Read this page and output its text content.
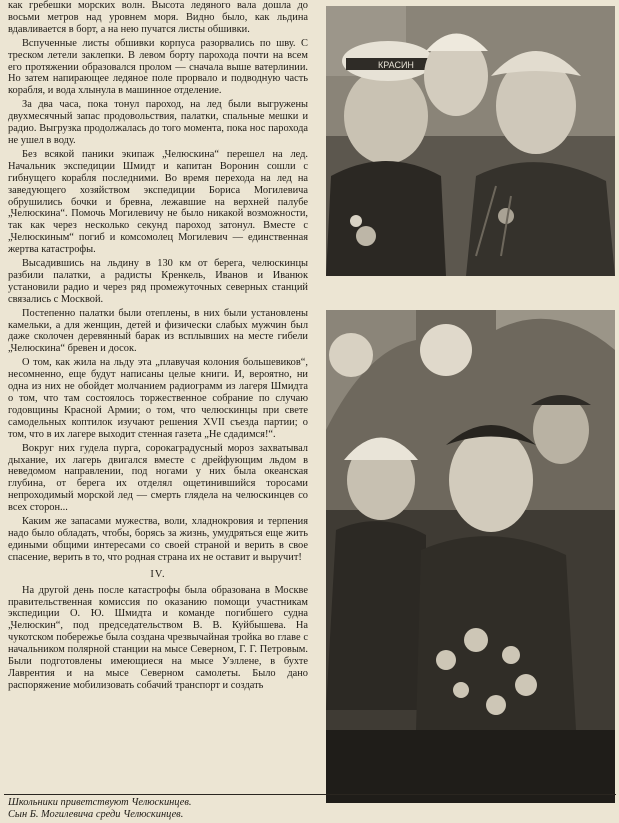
как гребешки морских волн. Высота ледяного вала дошла до восьми метров над уровнем моря. Видно было, как льдина вдавливается в борт, а на нею пучатся листы обшивки.

Вспученные листы обшивки корпуса разорвались по шву. С треском летели заклепки. В левом борту парохода почти на всем его протяжении образовался пролом — сначала выше ватерлинии. Но затем напирающее ледяное поле прорвало и подводную часть корабля, и вода хлынула в машинное отделение.

За два часа, пока тонул пароход, на лед были выгружены двухмесячный запас продовольствия, палатки, спальные мешки и радио. Выгрузка продолжалась до того момента, пока нос парохода не ушел в воду.

Без всякой паники экипаж „Челюскина“ перешел на лед. Начальник экспедиции Шмидт и капитан Воронин сошли с гибнущего корабля последними. Во время перехода на лед на заведующего хозяйством экспедиции Бориса Могилевича обрушились бочки и бревна, лежавшие на верхней палубе „Челюскина“. Помочь Могилевичу не было никакой возможности, так как через несколько секунд пароход затонул. Вместе с „Челюскиным“ погиб и комсомолец Могилевич — единственная жертва катастрофы.

Высадившись на льдину в 130 км от берега, челюскинцы разбили палатки, а радисты Кренкель, Иванов и Иванюк установили радио и через ряд промежуточных северных станций связались с Москвой.

Постепенно палатки были отеплены, в них были установлены камельки, а для женщин, детей и физически слабых мужчин был даже сколочен деревянный барак из всплывших на месте гибели „Челюскина“ бревен и досок.

О том, как жила на льду эта „плавучая колония большевиков“, несомненно, еще будут написаны целые книги. И, вероятно, ни одна из них не обойдет молчанием радиограмм из лагеря Шмидта о том, что там состоялось торжественное собрание по случаю годовщины Красной Армии; о том, что челюскинцы при свете самодельных коптилок изучают решения XVII съезда партии; о том, что в их лагере выходит стенная газета „Не сдадимся!“.

Вокруг них гудела пурга, сорокаградусный мороз захватывал дыхание, их лагерь двигался вместе с дрейфующим льдом в неведомом направлении, под ногами у них была океанская глубина, от берега их отделял ощетинившийся торосами непроходимый морской лед — смерть глядела на челюскинцев со всех сторон...

Каким же запасами мужества, воли, хладнокровия и терпения надо было обладать, чтобы, борясь за жизнь, умудряться еще жить едиными общими интересами со своей страной и верить в свое спасение, верить в то, что родная страна их не оставит и выручит!

IV.

На другой день после катастрофы была образована в Москве правительственная комиссия по оказанию помощи участникам экспедиции О. Ю. Шмидта и команде погибшего судна „Челюскин“, под председательством В. В. Куйбышева. На чукотском побережье была создана чрезвычайная тройка во главе с начальником полярной станции на мысе Северном, Г. Г. Петровым. Были подготовлены имеющиеся на мысе Уэллене, в бухте Лаврентия и на мысе Северном самолеты. Было дано распоряжение мобилизовать собачий транспорт и создать

КРАСИН
Школьники приветствуют Челюскинцев.
Сын Б. Могилевича среди Челюскинцев.
